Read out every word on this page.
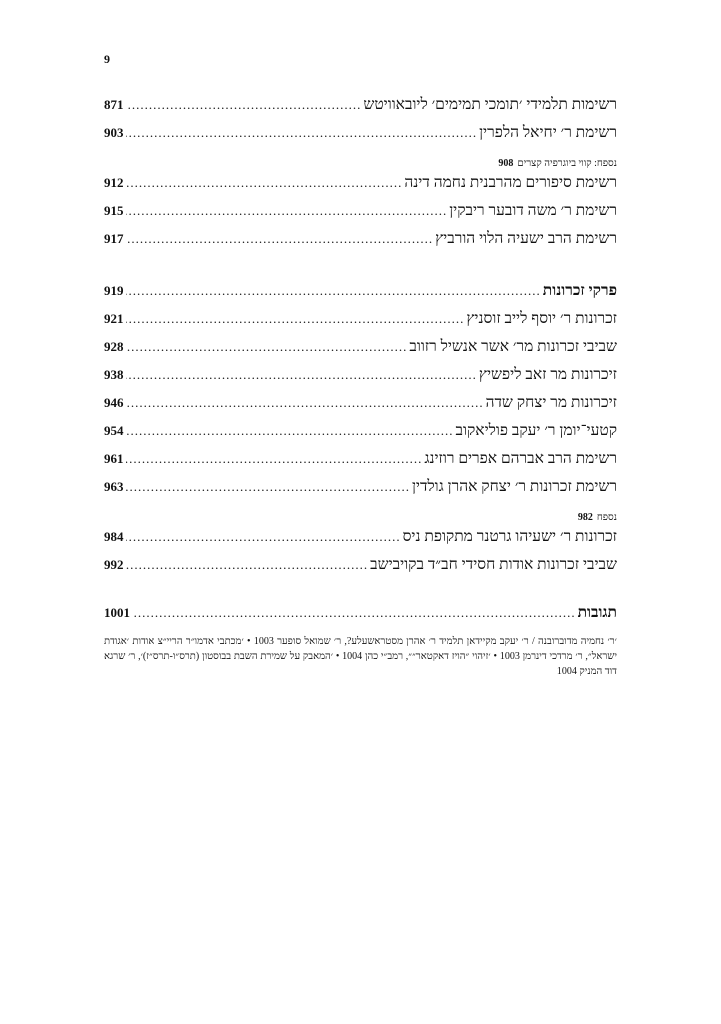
9
רשימות תלמידי ׳תומכי תמימים׳ ליובאוויטש
.....
871
רשימת ר׳ יחיאל הלפרין
.....
903
נספח: קווי ביוגרפיה קצרים
908
רשימת סיפורים מהרבנית נחמה דינה
.....
912
רשימת ר׳ משה דובער ריבקין
.....
915
רשימת הרב ישעיה הלוי הורביץ
.....
917
פרקי זכרונות
.....
919
זכרונות ר׳ יוסף לייב זוסניץ
.....
921
שביבי זכרונות מר׳ אשר אנשיל רזווב
.....
928
זיכרונות מר זאב ליפשיץ
.....
938
זיכרונות מר יצחק שדה
.....
946
קטעי־יומן ר׳ יעקב פוליאקוב
.....
954
רשימת הרב אברהם אפרים רוזינג
.....
961
רשימת זכרונות ר׳ יצחק אהרן גולדין
.....
963
נספח
982
זכרונות ר׳ ישעיהו גרטנר מתקופת ניס
.....
984
שביבי זכרונות אודות חסידי חב״ד בקויבישב
.....
992
תגובות
.....
1001
׳ר׳ נחמיה מדוברובנה / ר׳ יעקב מקיידאן תלמיד ר׳ אהרן מסטראשעלע?, ר׳ שמואל סופער 1003 • ׳מכתבי אדמו״ר הריי״צ אודות ׳אגודת ישראל״, ר׳ מרדכי דינרמן 1003 • ׳זיהוי ״הויז דאקטאר״״, רמב״י כהן 1004 • ׳המאבק על שמירת השבת בבוסטון (תרס״ו-תרס״ז)׳, ר׳ שרגא דוד המניק 1004
